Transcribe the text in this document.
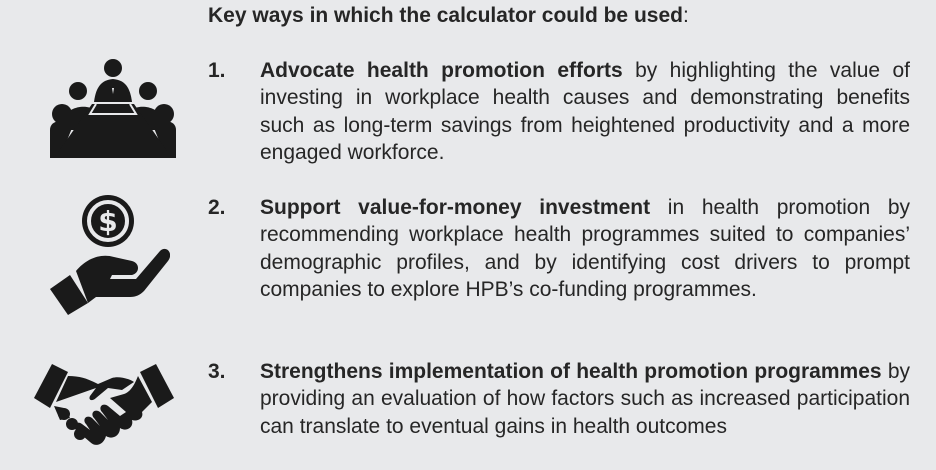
Key ways in which the calculator could be used:
$
1. Advocate health promotion efforts by highlighting the value of investing in workplace health causes and demonstrating benefits such as long-term savings from heightened productivity and a more engaged workforce.

2. Support value-for-money investment in health promotion by recommending workplace health programmes suited to companies’ demographic profiles, and by identifying cost drivers to prompt companies to explore HPB’s co-funding programmes.

3. Strengthens implementation of health promotion programmes by providing an evaluation of how factors such as increased participation can translate to eventual gains in health outcomes
